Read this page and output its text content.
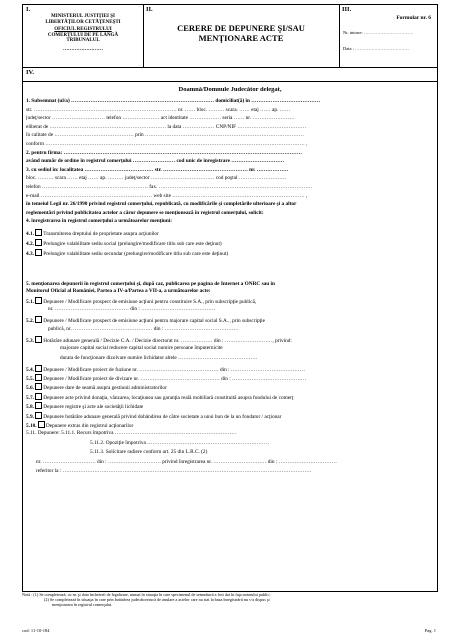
I.
MINISTERUL JUSTIŢIEI ŞI
LIBERTĂŢILOR CETĂŢENEŞTI
OFICIUL REGISTRULUI
COMERŢULUI DE PE LÂNGĂ
TRIBUNALUL
……………………
II.
CERERE DE DEPUNERE ŞI/SAU
MENŢIONARE ACTE
III.
Formular nr. 6
Nr. intrare: ……………………………
Data : ………………………………
IV.
Doamnă/Domnule Judecător delegat,
1. Subsemnat (ul/a) ……………………………………………………………………… domiciliat(ă) în …………………………………
str. ……………………………………………………………………… nr. …… bloc. ……… scara. …… etaj …… ap. ……
judeţ/sector ………………………… telefon ………………… act identitate ……………… seria …… nr. ……………………
eliberat de ………………………………………………………… la data ……………… CNP/NIF …………………………………
în calitate de ……………………………………… prin ………………………………………………………………………………
conform ………………………………………………………………………………………………………………………………… ,
2. pentru firma: ………………………………………………………………………………………………………………………
având număr de ordine în registrul comerţului …………………… cod unic de înregistrare …………………………
3. cu sediul în: localitatea ………………………………… str. ………………………………………… nr. ………………
bloc. ……… scara …… etaj …… ap. ……… judeţ/sector ……………………………… cod poştal ………………………
telefon …………………………………………………… fax. ……………………………………………………………………………
e-mail ……………………………………………………… web site ………………………………………………………………… ,
în temeiul Legii nr. 26/1990 privind registrul comerţului, republicată, cu modificările şi completările ulterioare şi a altor
reglementări privind publicitatea actelor a căror depunere se menţionează în registrul comerţului, solicit:
4. înregistrarea în registrul comerţului a următoarelor menţiuni:
4.1. Transmiterea dreptului de proprietate asupra acţiunilor
4.2. Prelungire valabilitate sediu social (prelungire/modificare titlu sub care este deţinut)
4.3. Prelungire valabilitate sediu secundar (prelungire/modificare titlu sub care este deţinut)
5. menţionarea depunerii în registrul comerţului şi, după caz, publicarea pe pagina de Internet a ONRC sau în
Monitorul Oficial al României, Partea a IV-a/Partea a VII-a, a următoarelor acte:
5.1. Depunere / Modificare prospect de emisiune acţiuni pentru constituire S.A., prin subscripţie publică,
nr. …………………………………… din : ……………………………………
5.2. Depunere / Modificare prospect de emisiune acţiuni pentru majorare capital social S.A.., prin subscripţie
publică, nr. ……………………………………… din : ……………………………………
5.3. Hotărâre adunare generală / Decizie C.A. / Decizie directorat nr. ……………… din : ………………………, privind:
majorare capital social reducere capital social numire persoane împuternicite
durata de funcţionare dizolvare numire lichidator altele ………………………………………
5.4. Depunere / Modificare proiect de fuziune nr. ……………………………………… din : ……………………………………
5.5. Depunere / Modificare proiect de divizare nr. ……………………………………… din : ……………………………………
5.6. Depunere dare de seamă asupra gestiunii administratorilor
5.7. Depunere acte privind donaţia, vânzarea, locaţiunea sau garanţia reală mobiliară constituită asupra fondului de comerţ
5.8. Depunere registre şi acte ale societăţii lichidate
5.9. Depunere hotărâre adunare generală privind dobândirea de către societate a unui bun de la un fondator / acţionar
5.10. Depunere extras din registrul acţionarilor
5.11. Depunere: 5.11.1. Recurs împotriva ……………………………………………………………
5.11.2. Opoziţie împotriva ……………………………………………………………
5.11.3. Solicitare radiere conform art. 25 din L.R.C. (2)
nr. ………………………… din : ………………………… privind înregistrarea nr. ………………………… din : ……………………………
referitor la : ……………………………………………………………………………………………………………………………
Notă : (1) Se completează, cu nr. şi data încheierii de legalizare, numai în situaţia în care specimenul de semnătură a fost dat în faţa notarului public;
(2) Se completează în situaţia în care prin hotărârea judecătorească de anulare a actelor care au stat la baza înregistrării nu s-a dispus şi
menţionarea în registrul comerţului.
cod: 11-10-184	Pag. 1
